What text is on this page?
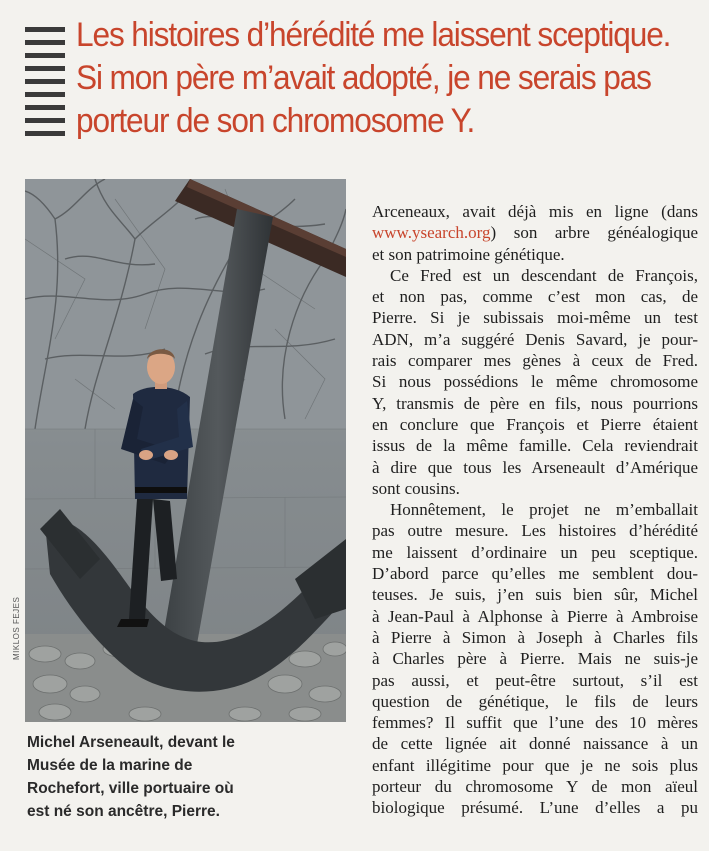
Les histoires d’hérédité me laissent sceptique.
Si mon père m’avait adopté, je ne serais pas
porteur de son chromosome Y.
MIKLOS FEJES
Michel Arseneault, devant le
Musée de la marine de
Rochefort, ville portuaire où
est né son ancêtre, Pierre.
Arceneaux, avait déjà mis en ligne (dans
www.ysearch.org) son arbre généalogique
et son patrimoine génétique.
Ce Fred est un descendant de François,
et non pas, comme c’est mon cas, de
Pierre. Si je subissais moi-même un test
ADN, m’a suggéré Denis Savard, je pour-
rais comparer mes gènes à ceux de Fred.
Si nous possédions le même chromosome
Y, transmis de père en fils, nous pourrions
en conclure que François et Pierre étaient
issus de la même famille. Cela reviendrait
à dire que tous les Arseneault d’Amérique
sont cousins.
Honnêtement, le projet ne m’emballait
pas outre mesure. Les histoires d’hérédité
me laissent d’ordinaire un peu sceptique.
D’abord parce qu’elles me semblent dou-
teuses. Je suis, j’en suis bien sûr, Michel
à Jean-Paul à Alphonse à Pierre à Ambroise
à Pierre à Simon à Joseph à Charles fils
à Charles père à Pierre. Mais ne suis-je
pas aussi, et peut-être surtout, s’il est
question de génétique, le fils de leurs
femmes? Il suffit que l’une des 10 mères
de cette lignée ait donné naissance à un
enfant illégitime pour que je ne sois plus
porteur du chromosome Y de mon aïeul
biologique présumé. L’une d’elles a pu
